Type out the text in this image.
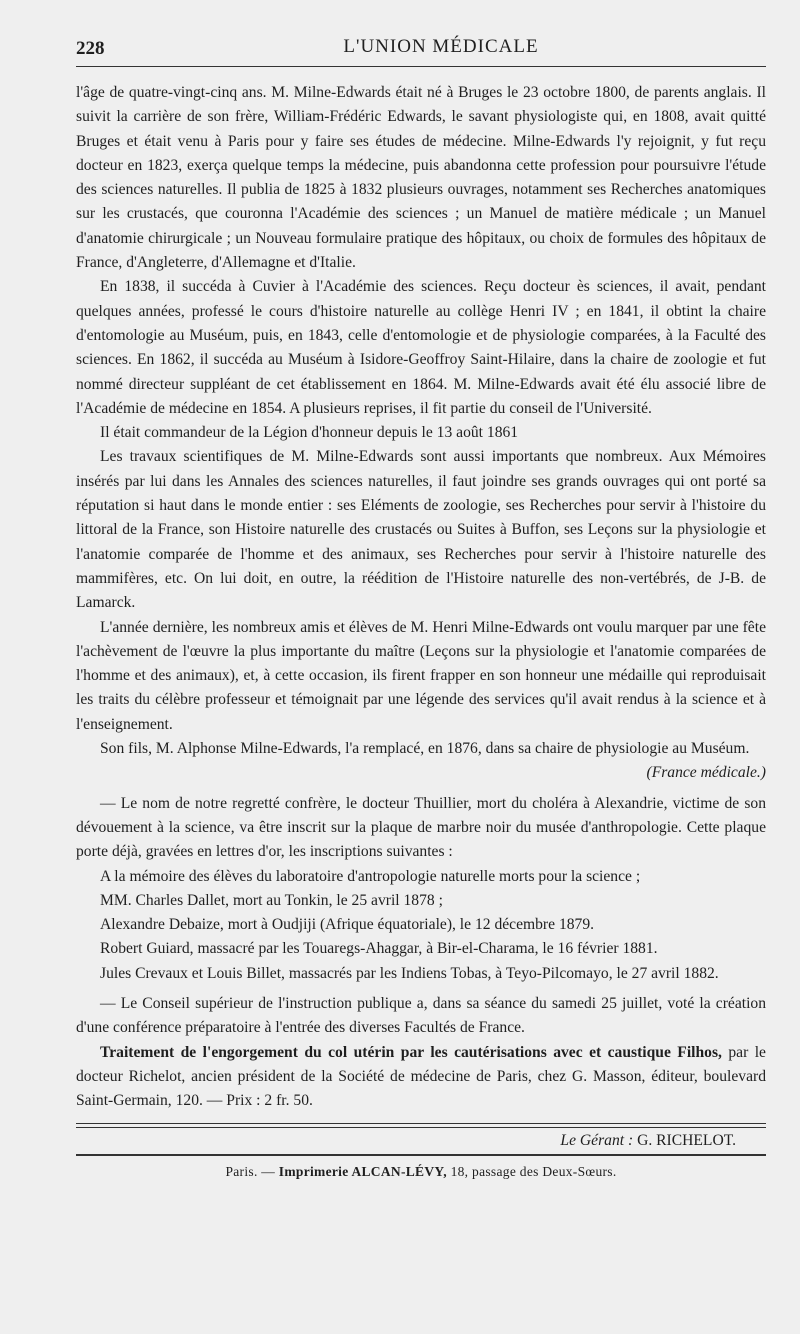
228	L'UNION MÉDICALE

l'âge de quatre-vingt-cinq ans. M. Milne-Edwards était né à Bruges le 23 octobre 1800, de parents anglais. Il suivit la carrière de son frère, William-Frédéric Edwards, le savant physiologiste qui, en 1808, avait quitté Bruges et était venu à Paris pour y faire ses études de médecine. Milne-Edwards l'y rejoignit, y fut reçu docteur en 1823, exerça quelque temps la médecine, puis abandonna cette profession pour poursuivre l'étude des sciences naturelles. Il publia de 1825 à 1832 plusieurs ouvrages, notamment ses Recherches anatomiques sur les crustacés, que couronna l'Académie des sciences ; un Manuel de matière médicale ; un Manuel d'anatomie chirurgicale ; un Nouveau formulaire pratique des hôpitaux, ou choix de formules des hôpitaux de France, d'Angleterre, d'Allemagne et d'Italie.

En 1838, il succéda à Cuvier à l'Académie des sciences. Reçu docteur ès sciences, il avait, pendant quelques années, professé le cours d'histoire naturelle au collège Henri IV ; en 1841, il obtint la chaire d'entomologie au Muséum, puis, en 1843, celle d'entomologie et de physiologie comparées, à la Faculté des sciences. En 1862, il succéda au Muséum à Isidore-Geoffroy Saint-Hilaire, dans la chaire de zoologie et fut nommé directeur suppléant de cet établissement en 1864. M. Milne-Edwards avait été élu associé libre de l'Académie de médecine en 1854. A plusieurs reprises, il fit partie du conseil de l'Université.

Il était commandeur de la Légion d'honneur depuis le 13 août 1861

Les travaux scientifiques de M. Milne-Edwards sont aussi importants que nombreux. Aux Mémoires insérés par lui dans les Annales des sciences naturelles, il faut joindre ses grands ouvrages qui ont porté sa réputation si haut dans le monde entier : ses Eléments de zoologie, ses Recherches pour servir à l'histoire du littoral de la France, son Histoire naturelle des crustacés ou Suites à Buffon, ses Leçons sur la physiologie et l'anatomie comparée de l'homme et des animaux, ses Recherches pour servir à l'histoire naturelle des mammifères, etc. On lui doit, en outre, la réédition de l'Histoire naturelle des non-vertébrés, de J-B. de Lamarck.

L'année dernière, les nombreux amis et élèves de M. Henri Milne-Edwards ont voulu marquer par une fête l'achèvement de l'œuvre la plus importante du maître (Leçons sur la physiologie et l'anatomie comparées de l'homme et des animaux), et, à cette occasion, ils firent frapper en son honneur une médaille qui reproduisait les traits du célèbre professeur et témoignait par une légende des services qu'il avait rendus à la science et à l'enseignement.

Son fils, M. Alphonse Milne-Edwards, l'a remplacé, en 1876, dans sa chaire de physiologie au Muséum.
(France médicale.)

— Le nom de notre regretté confrère, le docteur Thuillier, mort du choléra à Alexandrie, victime de son dévouement à la science, va être inscrit sur la plaque de marbre noir du musée d'anthropologie. Cette plaque porte déjà, gravées en lettres d'or, les inscriptions suivantes :

A la mémoire des élèves du laboratoire d'antropologie naturelle morts pour la science ;

MM. Charles Dallet, mort au Tonkin, le 25 avril 1878 ;

Alexandre Debaize, mort à Oudjiji (Afrique équatoriale), le 12 décembre 1879.

Robert Guiard, massacré par les Touaregs-Ahaggar, à Bir-el-Charama, le 16 février 1881.

Jules Crevaux et Louis Billet, massacrés par les Indiens Tobas, à Teyo-Pilcomayo, le 27 avril 1882.

— Le Conseil supérieur de l'instruction publique a, dans sa séance du samedi 25 juillet, voté la création d'une conférence préparatoire à l'entrée des diverses Facultés de France.

Traitement de l'engorgement du col utérin par les cautérisations avec et caustique Filhos, par le docteur Richelot, ancien président de la Société de médecine de Paris, chez G. Masson, éditeur, boulevard Saint-Germain, 120. — Prix : 2 fr. 50.

Le Gérant : G. RICHELOT.
Paris. — Imprimerie ALCAN-LÉVY, 18, passage des Deux-Sœurs.
